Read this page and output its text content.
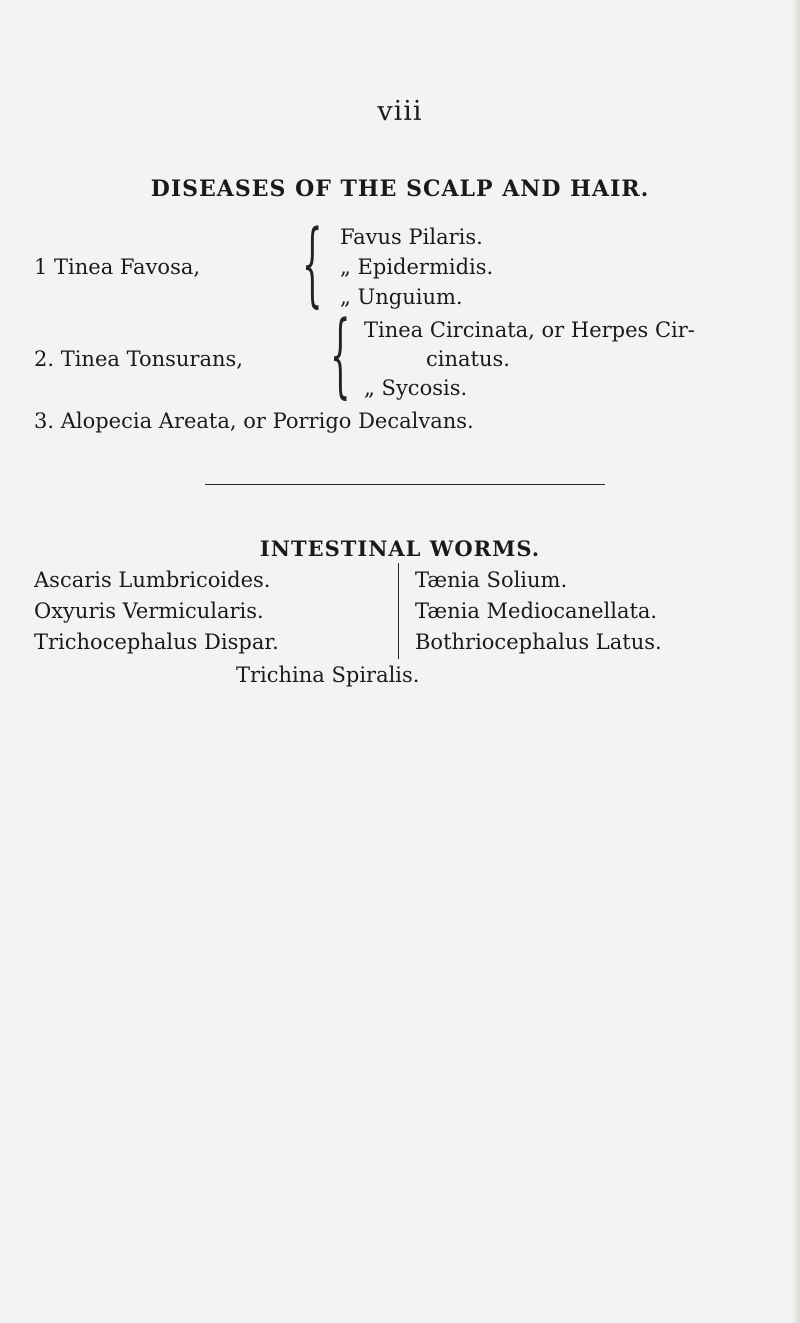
viii
DISEASES OF THE SCALP AND HAIR.
1 Tinea Favosa, { Favus Pilaris.
„ Epidermidis.
„ Unguium.
2. Tinea Tonsurans, { Tinea Circinata, or Herpes Cir-
cinatus.
„ Sycosis.
3. Alopecia Areata, or Porrigo Decalvans.
INTESTINAL WORMS.
Ascaris Lumbricoides.
Oxyuris Vermicularis.
Trichocephalus Dispar.
Tænia Solium.
Tænia Mediocanellata.
Bothriocephalus Latus.
Trichina Spiralis.
